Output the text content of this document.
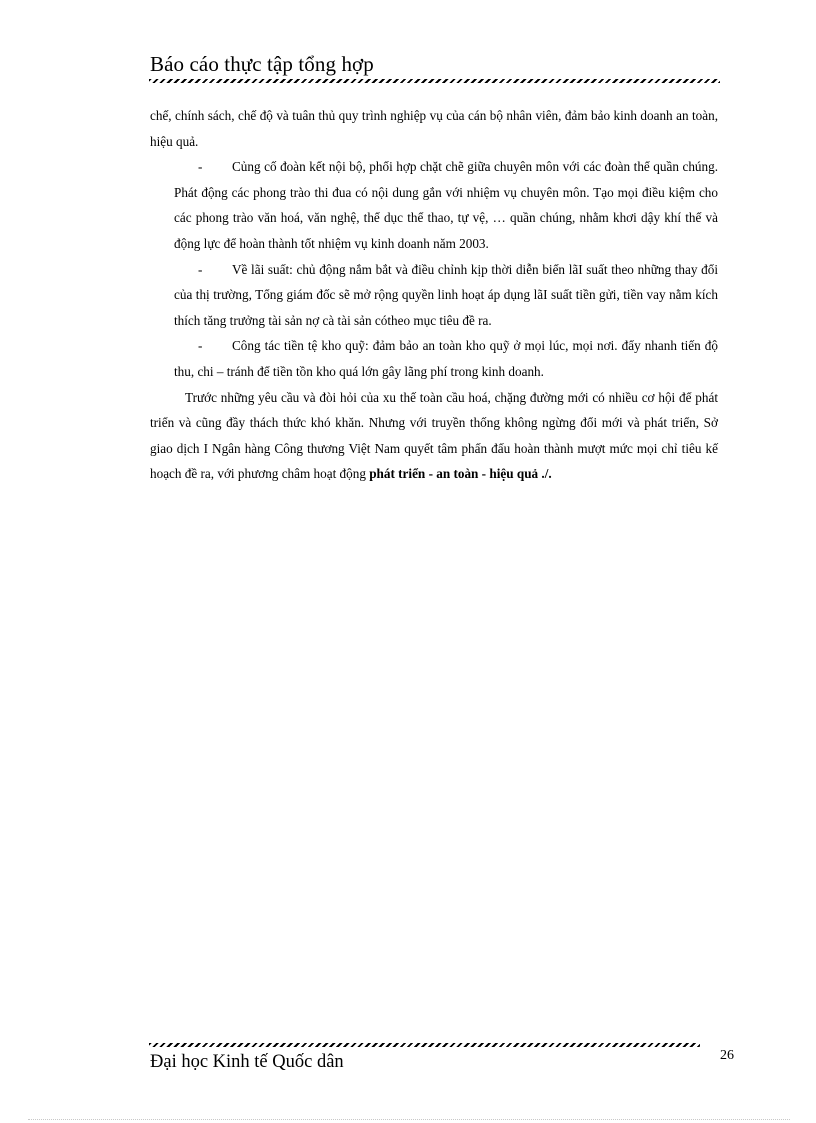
Báo cáo thực tập tổng hợp

chế, chính sách, chế độ và tuân thủ quy trình nghiệp vụ của cán bộ nhân viên, đảm bảo kinh doanh an toàn, hiệu quả.

- Củng cố đoàn kết nội bộ, phối hợp chặt chẽ giữa chuyên môn với các đoàn thể quần chúng. Phát động các phong trào thi đua có nội dung gắn với nhiệm vụ chuyên môn. Tạo mọi điều kiệm cho các phong trào văn hoá, văn nghệ, thể dục thể thao, tự vệ, … quần chúng, nhằm khơi dậy khí thế và động lực để hoàn thành tốt nhiệm vụ kinh doanh năm 2003.

- Về lãi suất: chủ động nắm bắt và điều chỉnh kịp thời diễn biến lãI suất theo những thay đổi của thị trường, Tổng giám đốc sẽ mở rộng quyền linh hoạt áp dụng lãI suất tiền gửi, tiền vay nằm kích thích tăng trưởng tài sản nợ cà tài sản cótheo mục tiêu đề ra.

- Công tác tiền tệ kho quỹ: đảm bảo an toàn kho quỹ ở mọi lúc, mọi nơi. đẩy nhanh tiến độ thu, chi – tránh để tiền tồn kho quá lớn gây lãng phí trong kinh doanh.

Trước những yêu cầu và đòi hỏi của xu thế toàn cầu hoá, chặng đường mới có nhiều cơ hội để phát triển và cũng đầy thách thức khó khăn. Nhưng với truyền thống không ngừng đổi mới và phát triển, Sở giao dịch I Ngân hàng Công thương Việt Nam quyết tâm phấn đấu hoàn thành mượt mức mọi chỉ tiêu kế hoạch đề ra, với phương châm hoạt động phát triển - an toàn - hiệu quả ./.

Đại học Kinh tế Quốc dân	26
